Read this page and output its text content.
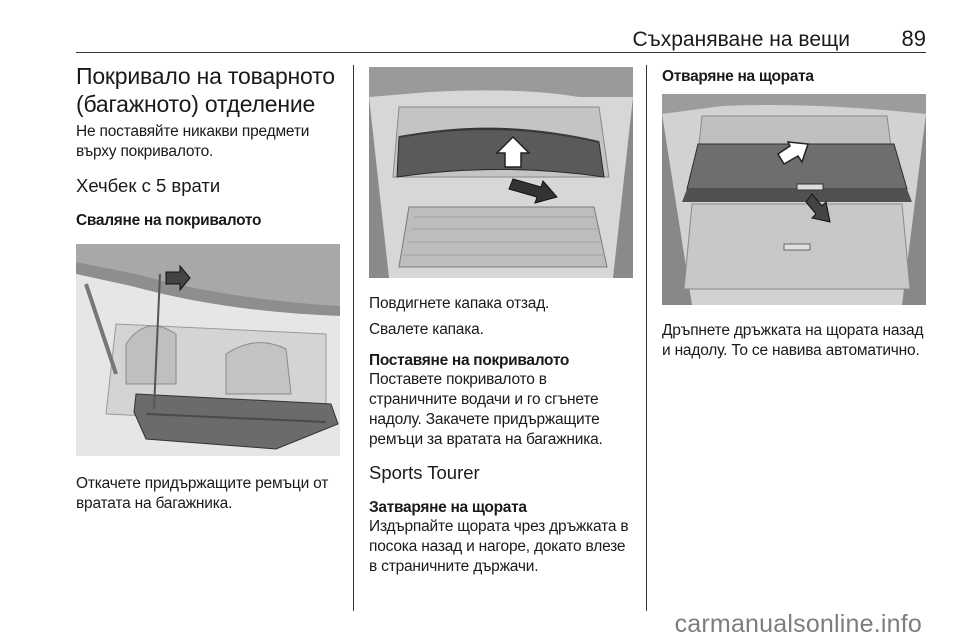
Съхраняване на вещи	89
Покривало на товарното (багажното) отделение

Не поставяйте никакви предмети върху покривалото.

Хечбек с 5 врати
Сваляне на покривалото

Откачете придържащите ремъци от вратата на багажника.

Повдигнете капака отзад.

Свалете капака.

Поставяне на покривалото

Поставете покривалото в страничните водачи и го сгънете надолу. Закачете придържащите ремъци за вратата на багажника.

Sports Tourer
Затваряне на щората

Издърпайте щората чрез дръжката в посока назад и нагоре, докато влезе в страничните държачи.

Отваряне на щората

Дръпнете дръжката на щората назад и надолу. То се навива автоматично.

carmanualsonline.info
